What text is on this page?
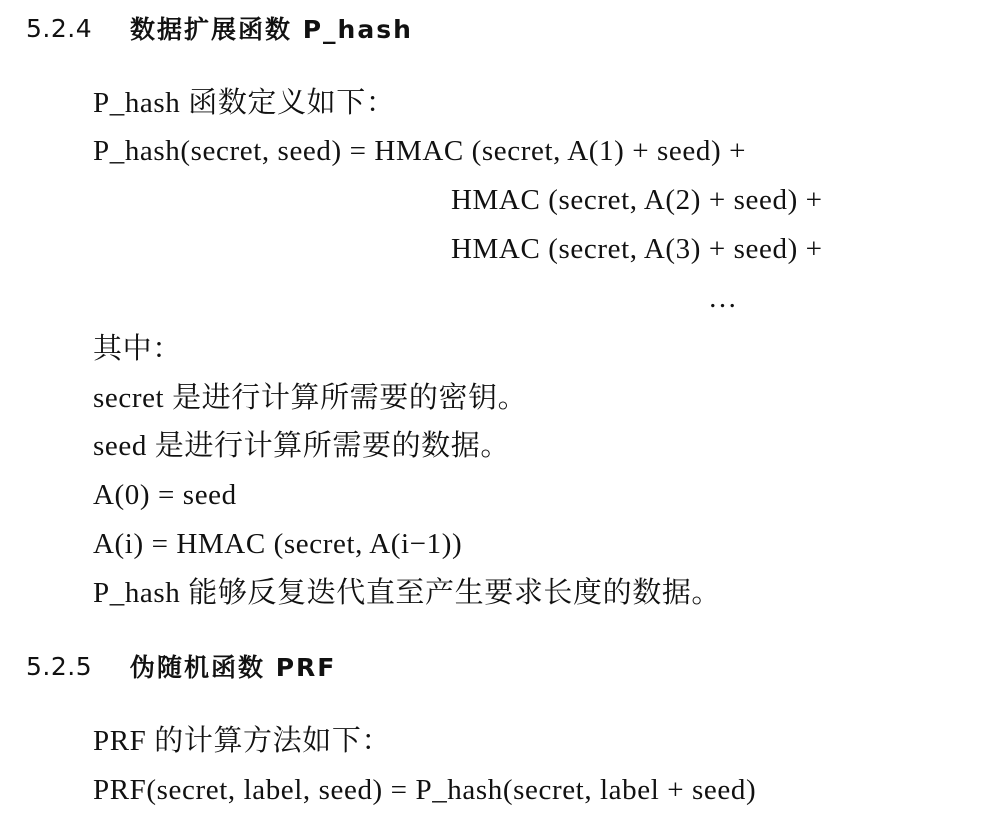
5.2.4	数据扩展函数 P_hash
P_hash 函数定义如下：
P_hash(secret, seed) = HMAC (secret, A(1) + seed) +
HMAC (secret, A(2) + seed) +
HMAC (secret, A(3) + seed) +
…
其中：
secret 是进行计算所需要的密钥。
seed 是进行计算所需要的数据。
A(0) = seed
A(i) = HMAC (secret, A(i−1))
P_hash 能够反复迭代直至产生要求长度的数据。
5.2.5	伪随机函数 PRF
PRF 的计算方法如下：
PRF(secret, label, seed) = P_hash(secret, label + seed)
